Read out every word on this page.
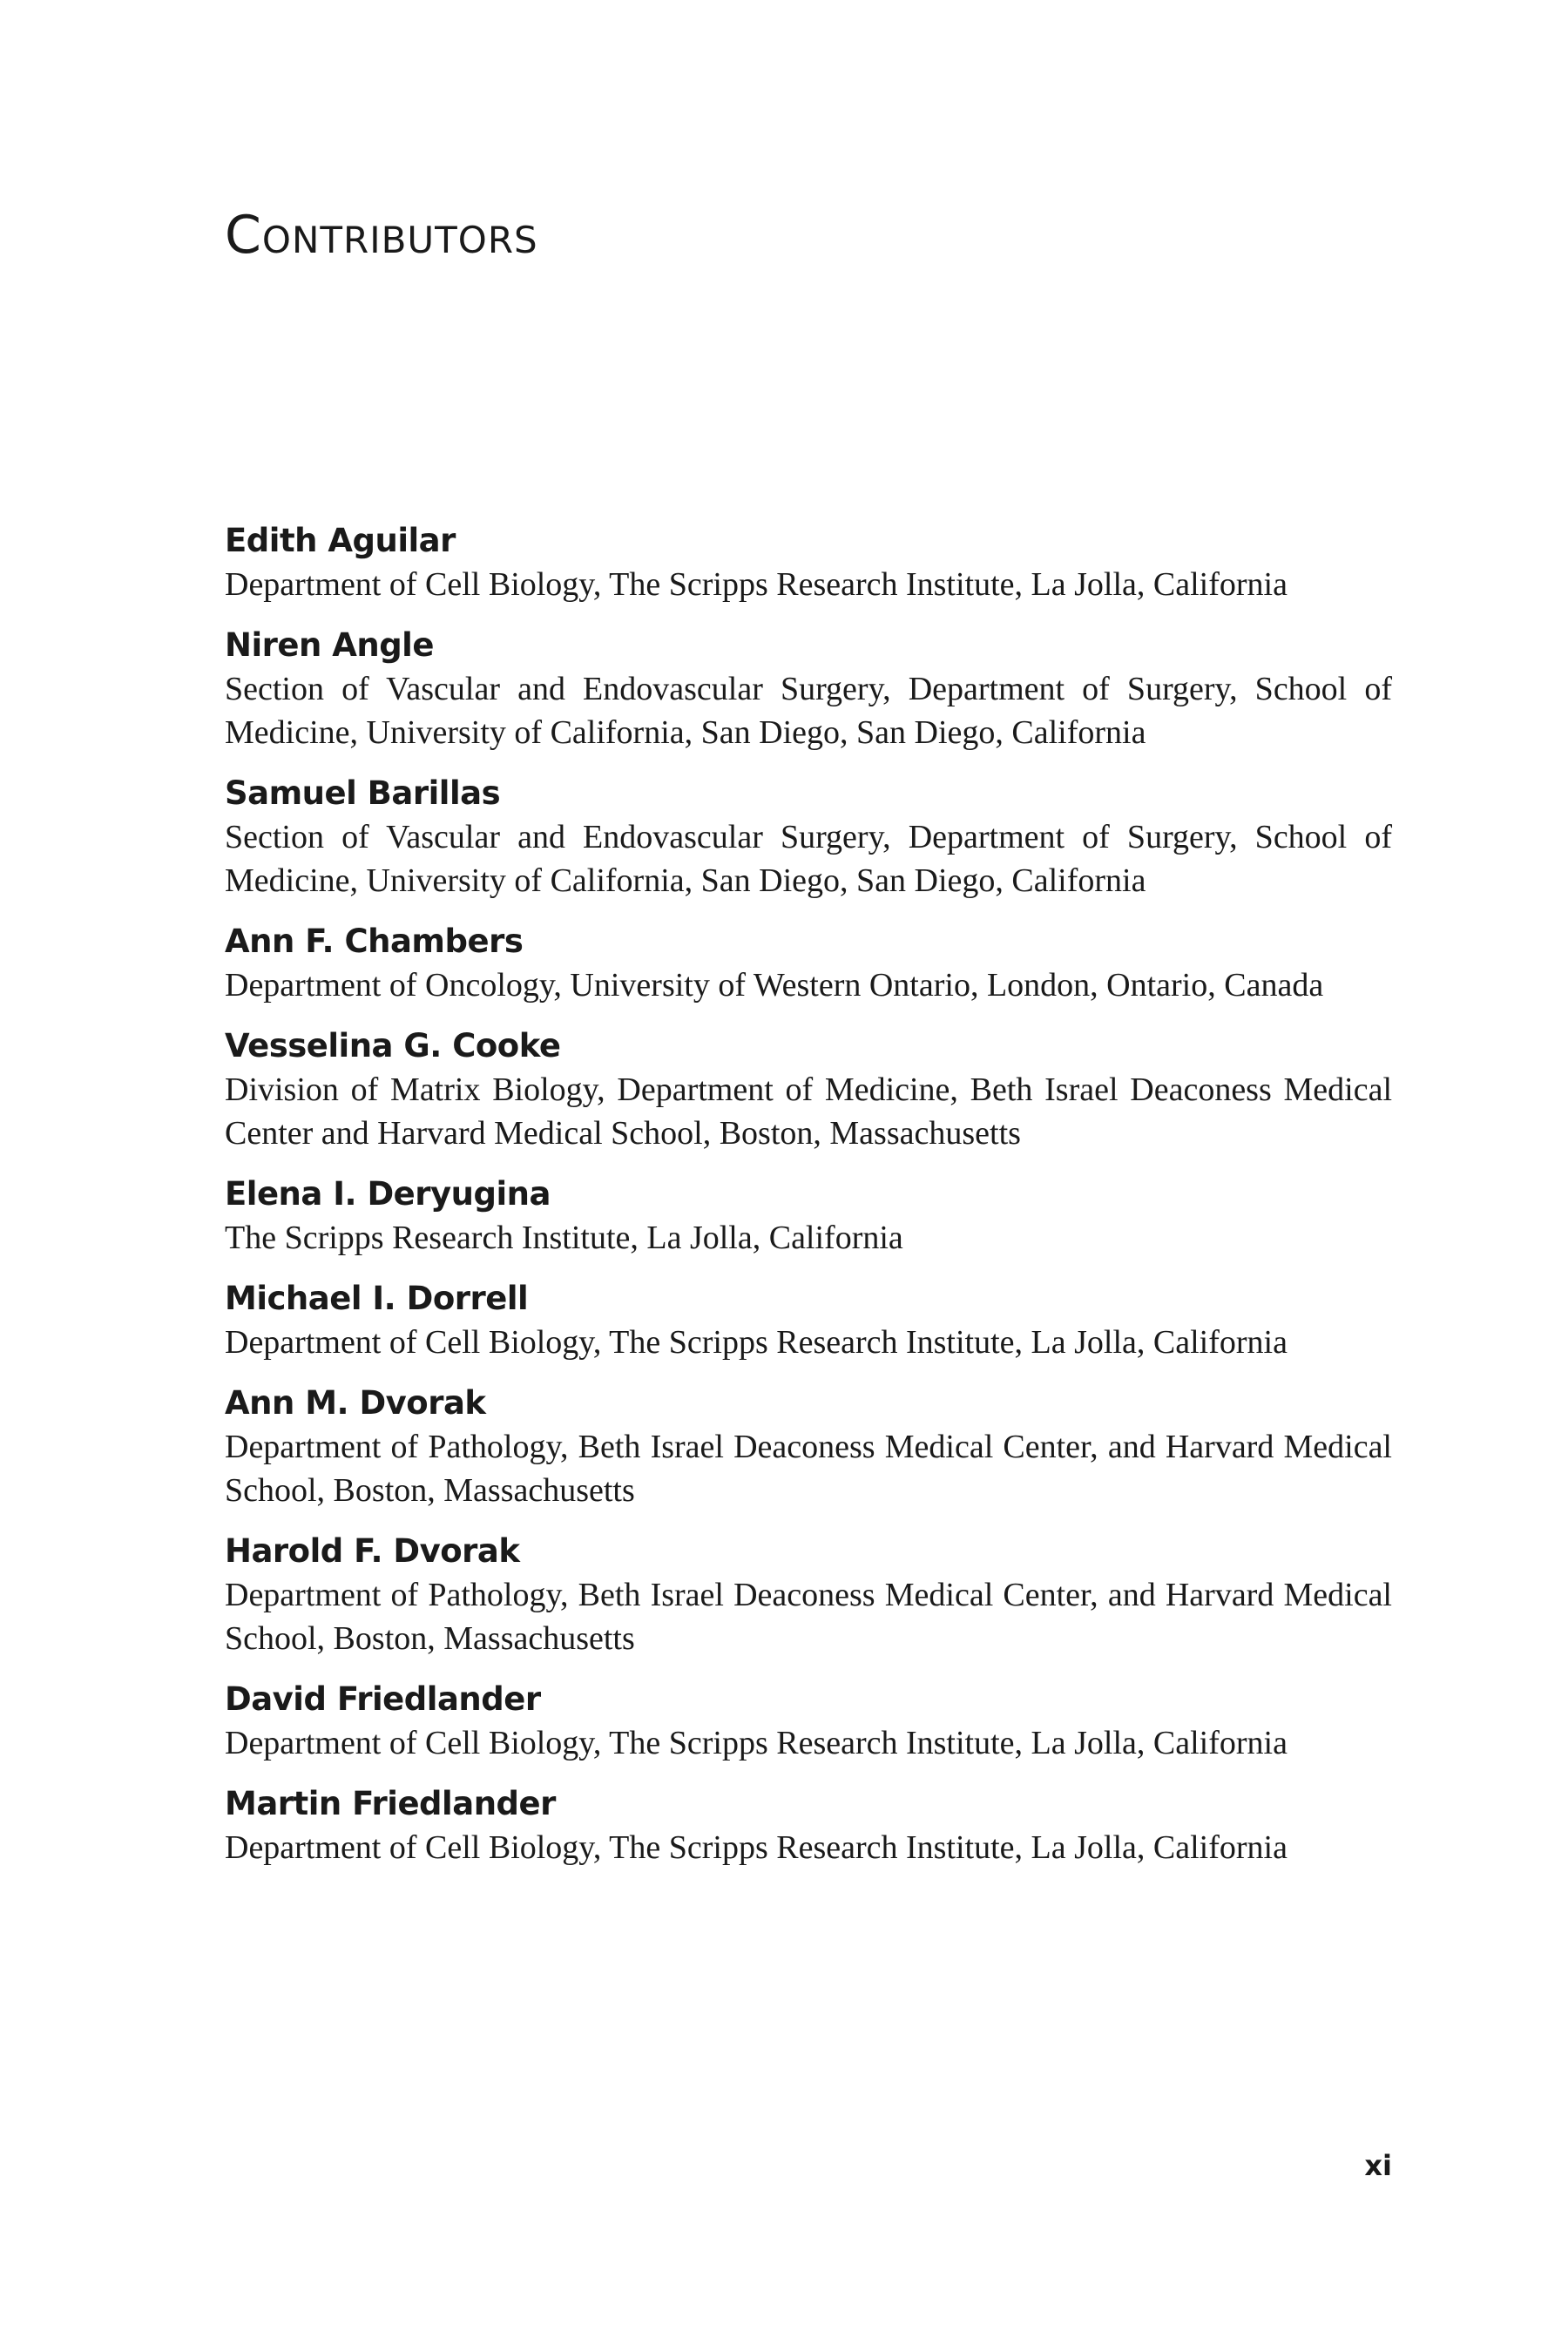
Contributors
Edith Aguilar
Department of Cell Biology, The Scripps Research Institute, La Jolla, California
Niren Angle
Section of Vascular and Endovascular Surgery, Department of Surgery, School of Medicine, University of California, San Diego, San Diego, California
Samuel Barillas
Section of Vascular and Endovascular Surgery, Department of Surgery, School of Medicine, University of California, San Diego, San Diego, California
Ann F. Chambers
Department of Oncology, University of Western Ontario, London, Ontario, Canada
Vesselina G. Cooke
Division of Matrix Biology, Department of Medicine, Beth Israel Deaconess Medical Center and Harvard Medical School, Boston, Massachusetts
Elena I. Deryugina
The Scripps Research Institute, La Jolla, California
Michael I. Dorrell
Department of Cell Biology, The Scripps Research Institute, La Jolla, California
Ann M. Dvorak
Department of Pathology, Beth Israel Deaconess Medical Center, and Harvard Medical School, Boston, Massachusetts
Harold F. Dvorak
Department of Pathology, Beth Israel Deaconess Medical Center, and Harvard Medical School, Boston, Massachusetts
David Friedlander
Department of Cell Biology, The Scripps Research Institute, La Jolla, California
Martin Friedlander
Department of Cell Biology, The Scripps Research Institute, La Jolla, California
xi
